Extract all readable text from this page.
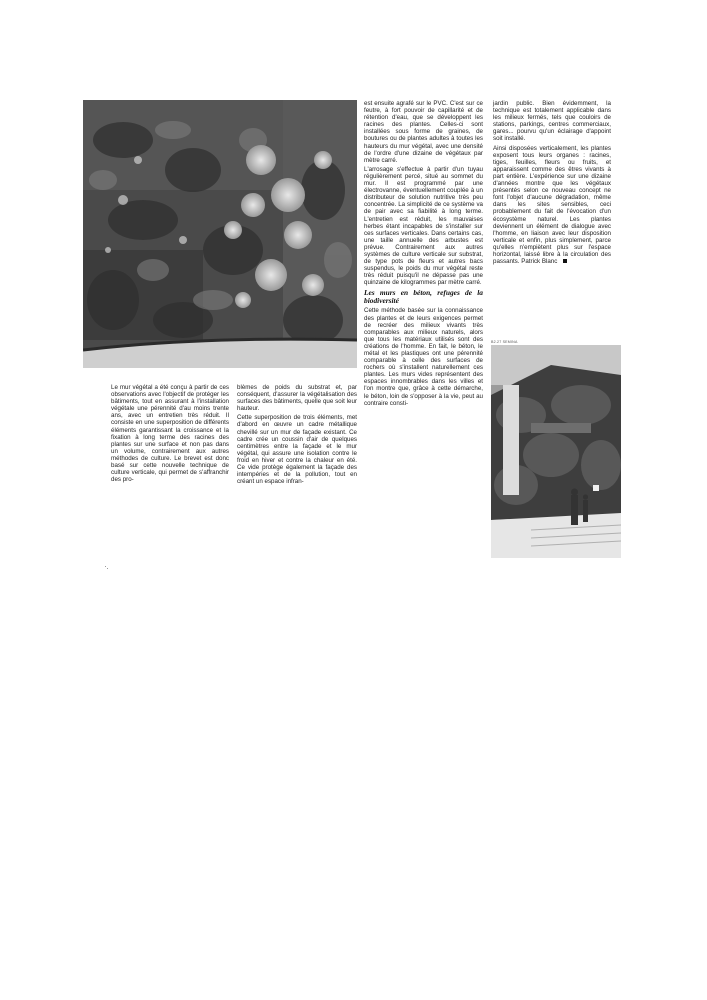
B2.27 SEMINA

Le mur végétal a été conçu à partir de ces observations avec l'objectif de protéger les bâtiments, tout en assurant à l'installation végétale une pérennité d'au moins trente ans, avec un entretien très réduit. Il consiste en une superposition de différents éléments garantissant la croissance et la fixation à long terme des racines des plantes sur une surface et non pas dans un volume, contrairement aux autres méthodes de culture. Le brevet est donc basé sur cette nouvelle technique de culture verticale, qui permet de s'affranchir des pro-

blèmes de poids du substrat et, par conséquent, d'assurer la végétalisation des surfaces des bâtiments, quelle que soit leur hauteur.

Cette superposition de trois éléments, met d'abord en œuvre un cadre métallique chevillé sur un mur de façade existant. Ce cadre crée un coussin d'air de quelques centimètres entre la façade et le mur végétal, qui assure une isolation contre le froid en hiver et contre la chaleur en été. Ce vide protège également la façade des intempéries et de la pollution, tout en créant un espace infran-

est ensuite agrafé sur le PVC. C'est sur ce feutre, à fort pouvoir de capillarité et de rétention d'eau, que se développent les racines des plantes. Celles-ci sont installées sous forme de graines, de boutures ou de plantes adultes à toutes les hauteurs du mur végétal, avec une densité de l'ordre d'une dizaine de végétaux par mètre carré.

L'arrosage s'effectue à partir d'un tuyau régulièrement percé, situé au sommet du mur. Il est programmé par une électrovanne, éventuellement couplée à un distributeur de solution nutritive très peu concentrée. La simplicité de ce système va de pair avec sa fiabilité à long terme. L'entretien est réduit, les mauvaises herbes étant incapables de s'installer sur ces surfaces verticales. Dans certains cas, une taille annuelle des arbustes est prévue. Contrairement aux autres systèmes de culture verticale sur substrat, de type pots de fleurs et autres bacs suspendus, le poids du mur végétal reste très réduit puisqu'il ne dépasse pas une quinzaine de kilogrammes par mètre carré.

Les murs en béton, refuges de la biodiversité

Cette méthode basée sur la connaissance des plantes et de leurs exigences permet de recréer des milieux vivants très comparables aux milieux naturels, alors que tous les matériaux utilisés sont des créations de l'homme. En fait, le béton, le métal et les plastiques ont une pérennité comparable à celle des surfaces de rochers où s'installent naturellement ces plantes. Les murs vides représentent des espaces innombrables dans les villes et l'on montre que, grâce à cette démarche, le béton, loin de s'opposer à la vie, peut au contraire consti-

jardin public. Bien évidemment, la technique est totalement applicable dans les milieux fermés, tels que couloirs de stations, parkings, centres commerciaux, gares... pourvu qu'un éclairage d'appoint soit installé.

Ainsi disposées verticalement, les plantes exposent tous leurs organes : racines, tiges, feuilles, fleurs ou fruits, et apparaissent comme des êtres vivants à part entière. L'expérience sur une dizaine d'années montre que les végétaux présentés selon ce nouveau concept ne font l'objet d'aucune dégradation, même dans les sites sensibles, ceci probablement du fait de l'évocation d'un écosystème naturel. Les plantes deviennent un élément de dialogue avec l'homme, en liaison avec leur disposition verticale et enfin, plus simplement, parce qu'elles n'empiètent plus sur l'espace horizontal, laissé libre à la circulation des passants. Patrick Blanc
